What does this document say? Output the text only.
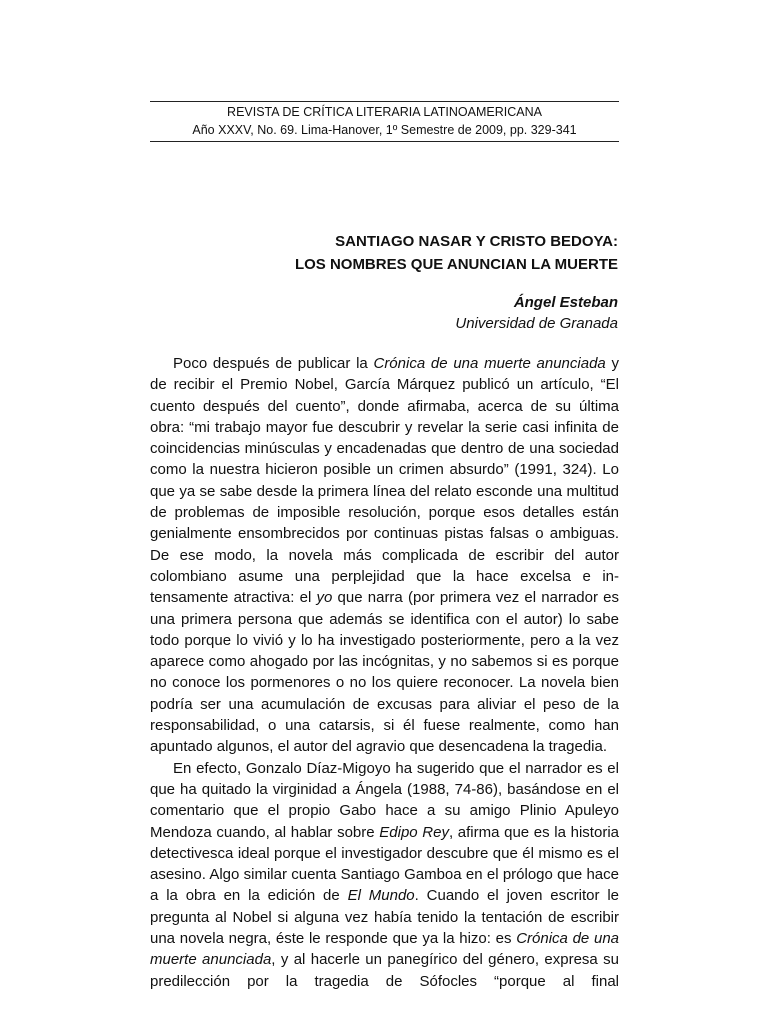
REVISTA DE CRÍTICA LITERARIA LATINOAMERICANA
Año XXXV, No. 69. Lima-Hanover, 1º Semestre de 2009, pp. 329-341
SANTIAGO NASAR Y CRISTO BEDOYA:
LOS NOMBRES QUE ANUNCIAN LA MUERTE
Ángel Esteban
Universidad de Granada

Poco después de publicar la Crónica de una muerte anunciada y de recibir el Premio Nobel, García Márquez publicó un artículo, “El cuento después del cuento”, donde afirmaba, acerca de su última obra: “mi trabajo mayor fue descubrir y revelar la serie casi infinita de coincidencias minúsculas y encadenadas que dentro de una sociedad como la nuestra hicieron posible un crimen absurdo” (1991, 324). Lo que ya se sabe desde la primera línea del relato esconde una multitud de problemas de imposible resolución, porque esos detalles están genialmente ensombrecidos por continuas pistas falsas o ambiguas. De ese modo, la novela más complicada de escribir del autor colombiano asume una perplejidad que la hace excelsa e intensamente atractiva: el yo que narra (por primera vez el narrador es una primera persona que además se identifica con el autor) lo sabe todo porque lo vivió y lo ha investigado posteriormente, pero a la vez aparece como ahogado por las incógnitas, y no sabemos si es porque no conoce los pormenores o no los quiere reconocer. La novela bien podría ser una acumulación de excusas para aliviar el peso de la responsabilidad, o una catarsis, si él fuese realmente, como han apuntado algunos, el autor del agravio que desencadena la tragedia.

En efecto, Gonzalo Díaz-Migoyo ha sugerido que el narrador es el que ha quitado la virginidad a Ángela (1988, 74-86), basándose en el comentario que el propio Gabo hace a su amigo Plinio Apuleyo Mendoza cuando, al hablar sobre Edipo Rey, afirma que es la historia detectivesca ideal porque el investigador descubre que él mismo es el asesino. Algo similar cuenta Santiago Gamboa en el prólogo que hace a la obra en la edición de El Mundo. Cuando el joven escritor le pregunta al Nobel si alguna vez había tenido la tentación de escribir una novela negra, éste le responde que ya la hizo: es Crónica de una muerte anunciada, y al hacerle un panegírico del género, expresa su predilección por la tragedia de Sófocles “porque al final
